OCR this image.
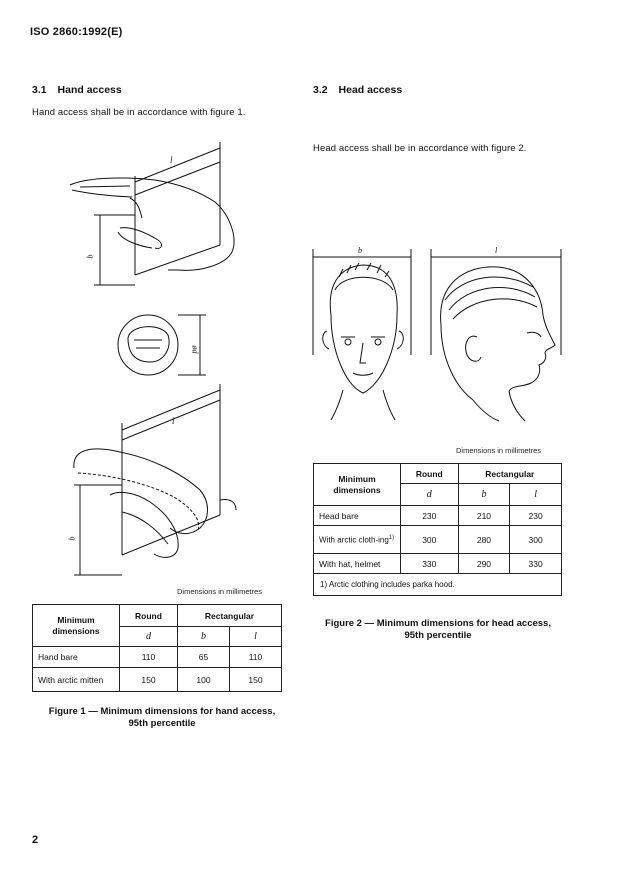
ISO 2860:1992(E)
3.1 Hand access
Hand access shall be in accordance with figure 1.
l
b
ød
l
b
Dimensions in millimetres
Minimum dimensions	Round	Rectangular	
	d	b	l
Hand bare	110	65	110
With arctic mitten	150	100	150
Figure 1 — Minimum dimensions for hand access,
95th percentile
3.2 Head access
Head access shall be in accordance with figure 2.
b	l
Dimensions in millimetres
Minimum dimensions	Round	Rectangular	
	d	b	l
Head bare	230	210	230
With arctic cloth-ing$^{1)}$	300	280	300
With hat, helmet	330	290	330
1) Arctic clothing includes parka hood.			
Figure 2 — Minimum dimensions for head access,
95th percentile
2
